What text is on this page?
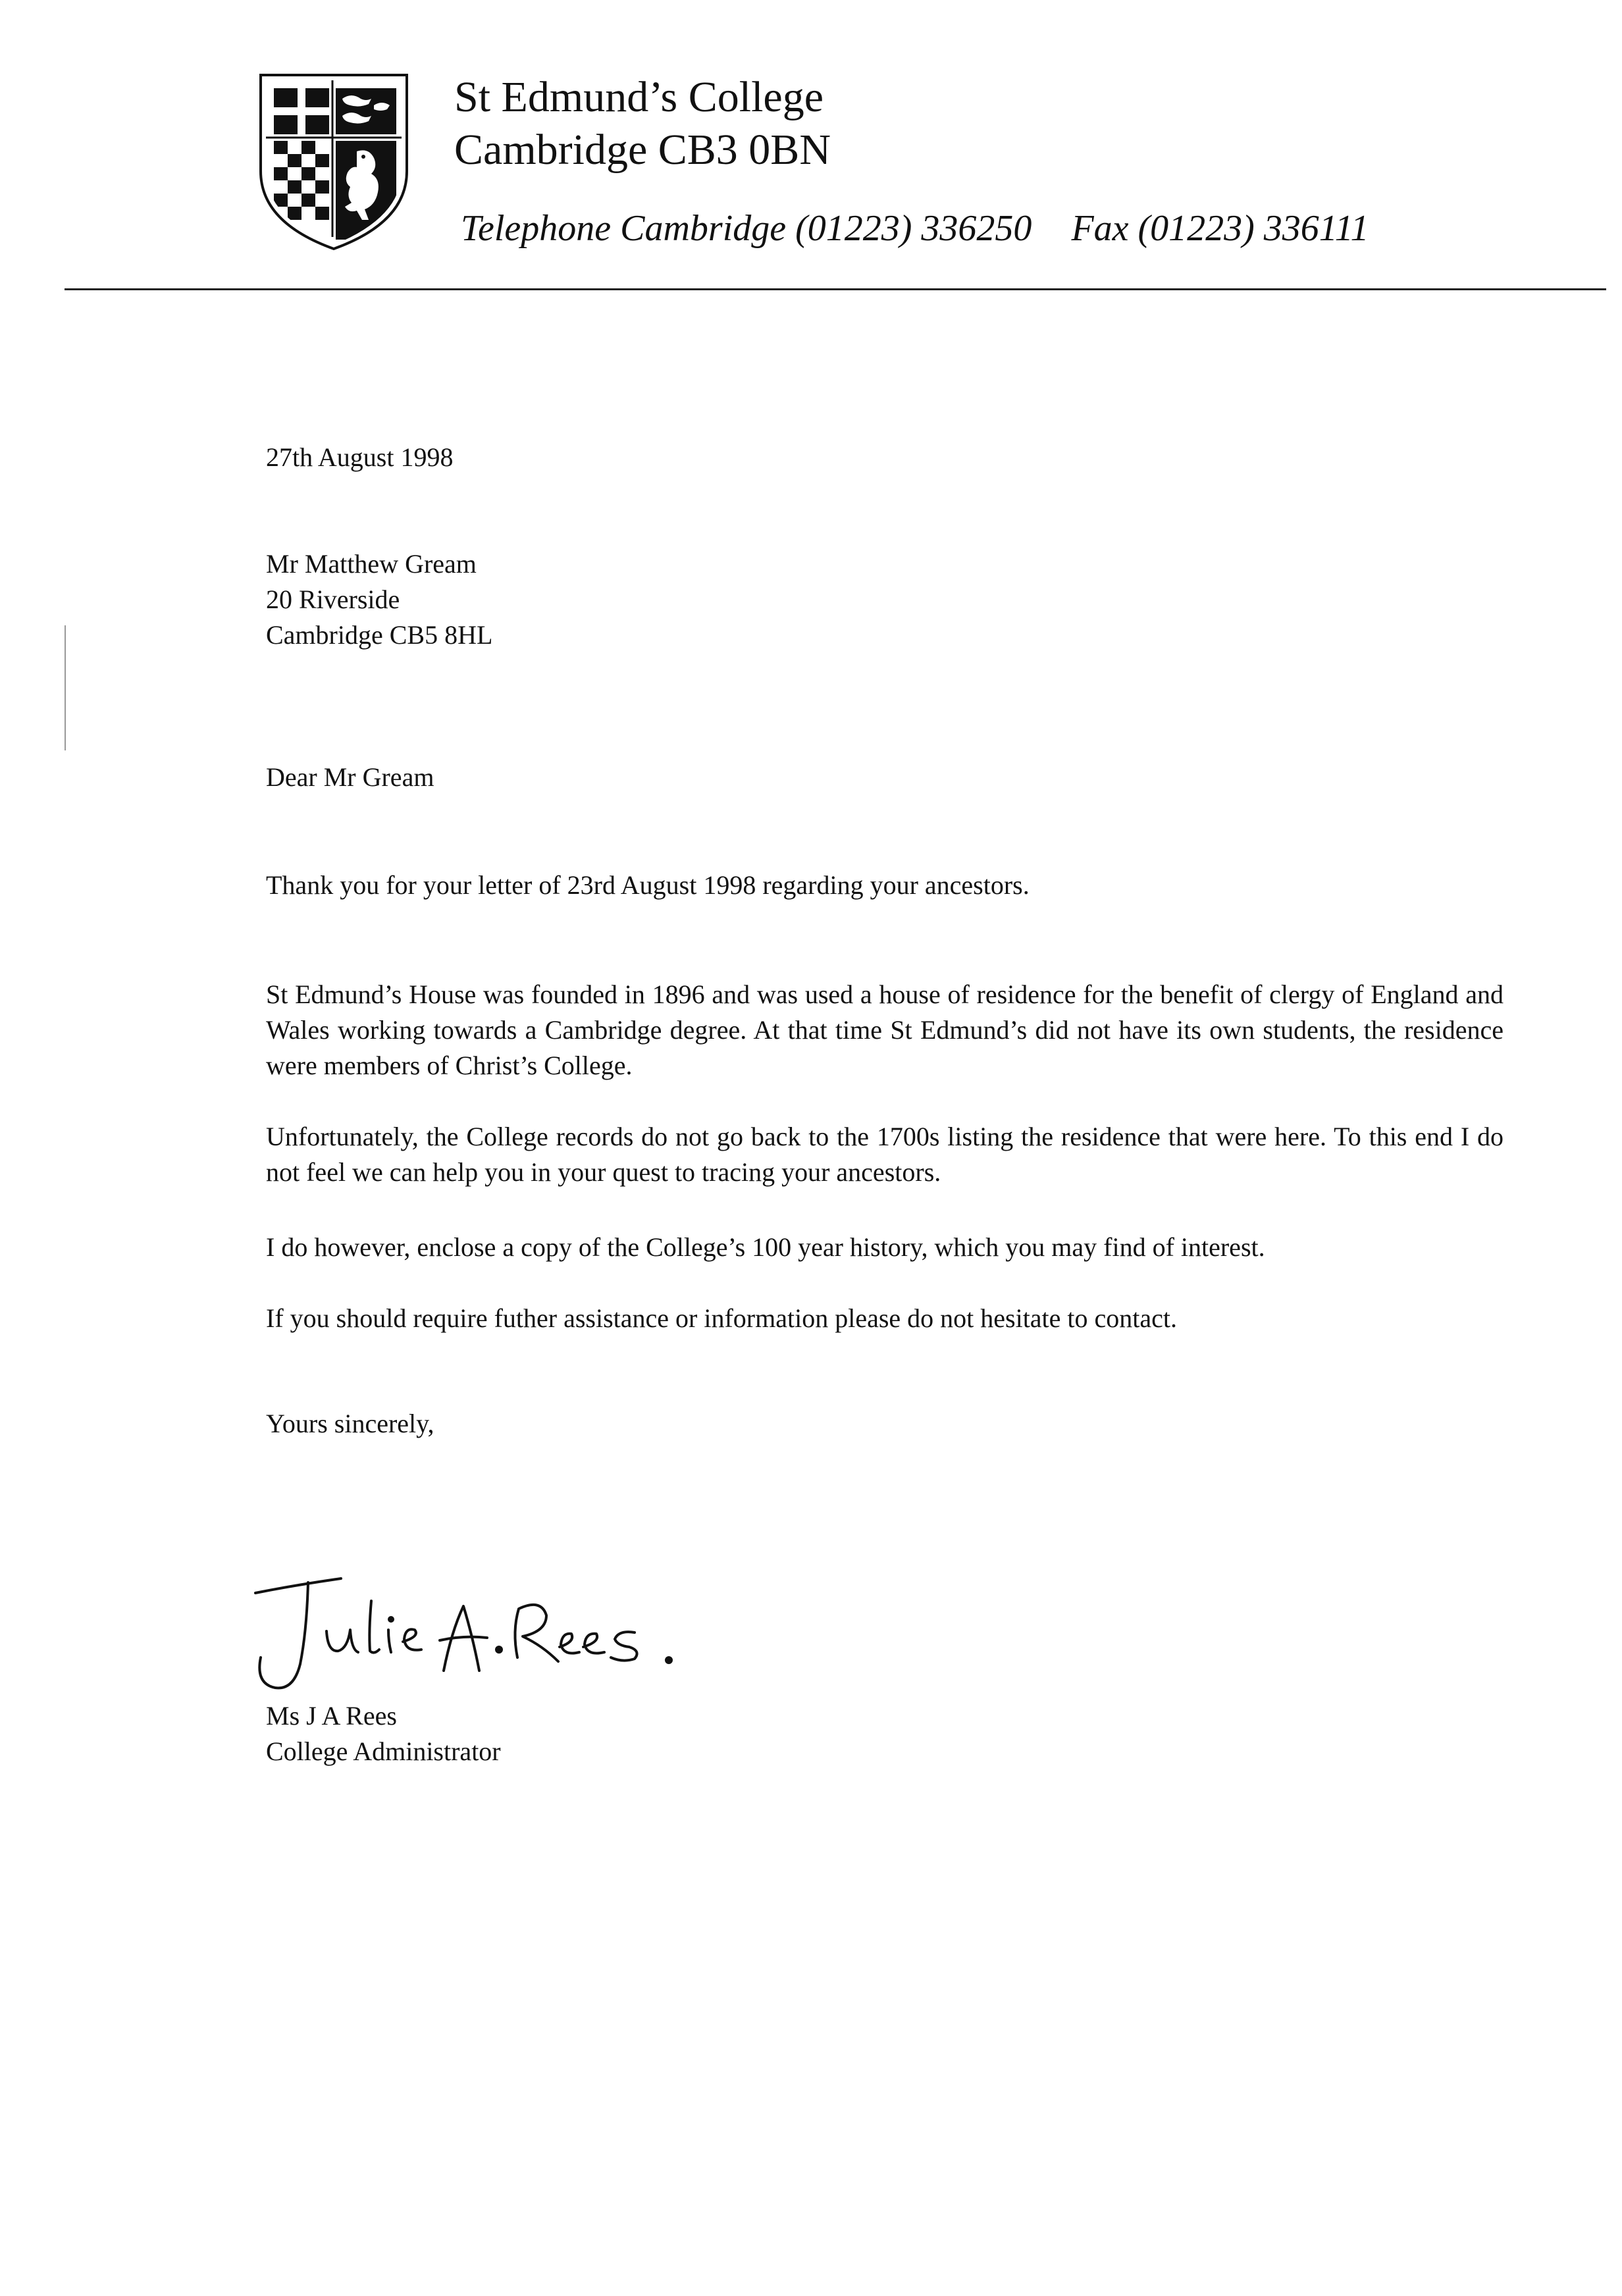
St Edmund’s College
Cambridge CB3 0BN
Telephone Cambridge (01223) 336250 Fax (01223) 336111
27th August 1998
Mr Matthew Gream
20 Riverside
Cambridge CB5 8HL
Dear Mr Gream
Thank you for your letter of 23rd August 1998 regarding your ancestors.
St Edmund’s House was founded in 1896 and was used a house of residence for the benefit of clergy of England and Wales working towards a Cambridge degree. At that time St Edmund’s did not have its own students, the residence were members of Christ’s College.
Unfortunately, the College records do not go back to the 1700s listing the residence that were here. To this end I do not feel we can help you in your quest to tracing your ancestors.
I do however, enclose a copy of the College’s 100 year history, which you may find of interest.
If you should require futher assistance or information please do not hesitate to contact.
Yours sincerely,
Ms J A Rees
College Administrator
